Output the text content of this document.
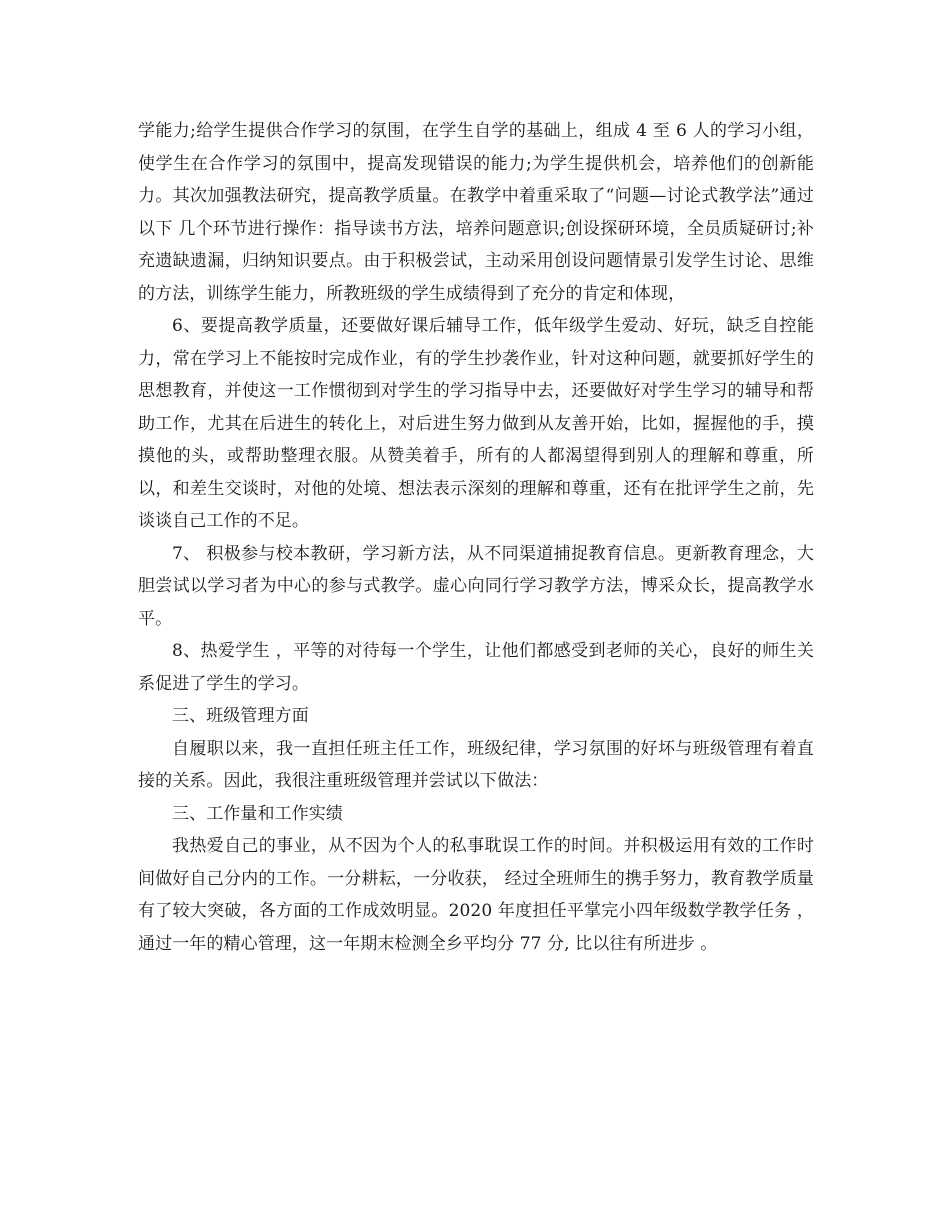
学能力;给学生提供合作学习的氛围，在学生自学的基础上，组成 4 至 6 人的学习小组，使学生在合作学习的氛围中，提高发现错误的能力;为学生提供机会，培养他们的创新能力。其次加强教法研究，提高教学质量。在教学中着重采取了“问题—讨论式教学法”通过以下 几个环节进行操作：指导读书方法，培养问题意识;创设探研环境，全员质疑研讨;补充遗缺遗漏，归纳知识要点。由于积极尝试，主动采用创设问题情景引发学生讨论、思维的方法，训练学生能力，所教班级的学生成绩得到了充分的肯定和体现，

6、要提高教学质量，还要做好课后辅导工作，低年级学生爱动、好玩，缺乏自控能力，常在学习上不能按时完成作业，有的学生抄袭作业，针对这种问题，就要抓好学生的思想教育，并使这一工作惯彻到对学生的学习指导中去，还要做好对学生学习的辅导和帮助工作，尤其在后进生的转化上，对后进生努力做到从友善开始，比如，握握他的手，摸摸他的头，或帮助整理衣服。从赞美着手，所有的人都渴望得到别人的理解和尊重，所以，和差生交谈时，对他的处境、想法表示深刻的理解和尊重，还有在批评学生之前，先谈谈自己工作的不足。

7、 积极参与校本教研，学习新方法，从不同渠道捕捉教育信息。更新教育理念，大胆尝试以学习者为中心的参与式教学。虚心向同行学习教学方法，博采众长，提高教学水平。

8、热爱学生 ，平等的对待每一个学生，让他们都感受到老师的关心，良好的师生关系促进了学生的学习。

三、班级管理方面

自履职以来，我一直担任班主任工作，班级纪律，学习氛围的好坏与班级管理有着直接的关系。因此，我很注重班级管理并尝试以下做法：

三、工作量和工作实绩

我热爱自己的事业，从不因为个人的私事耽误工作的时间。并积极运用有效的工作时间做好自己分内的工作。一分耕耘，一分收获， 经过全班师生的携手努力，教育教学质量有了较大突破，各方面的工作成效明显。2020 年度担任平掌完小四年级数学教学任务 ，通过一年的精心管理，这一年期末检测全乡平均分 77 分, 比以往有所进步 。
